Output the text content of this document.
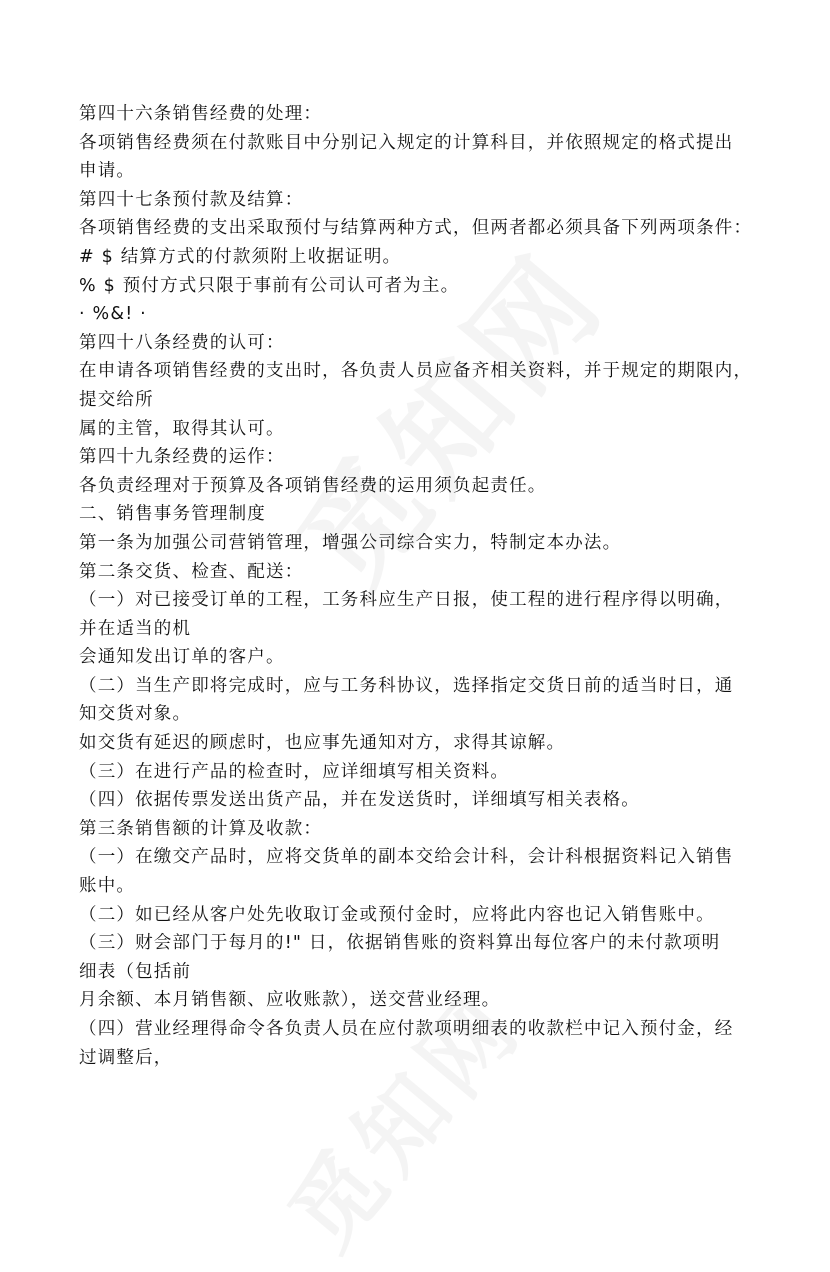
第四十六条销售经费的处理：
各项销售经费须在付款账目中分别记入规定的计算科目，并依照规定的格式提出
申请。
第四十七条预付款及结算：
各项销售经费的支出采取预付与结算两种方式，但两者都必须具备下列两项条件：
# $ 结算方式的付款须附上收据证明。
% $ 预付方式只限于事前有公司认可者为主。
· %&! ·
第四十八条经费的认可：
在申请各项销售经费的支出时，各负责人员应备齐相关资料，并于规定的期限内，
提交给所
属的主管，取得其认可。
第四十九条经费的运作：
各负责经理对于预算及各项销售经费的运用须负起责任。
二、销售事务管理制度
第一条为加强公司营销管理，增强公司综合实力，特制定本办法。
第二条交货、检查、配送：
（一）对已接受订单的工程，工务科应生产日报，使工程的进行程序得以明确，
并在适当的机
会通知发出订单的客户。
（二）当生产即将完成时，应与工务科协议，选择指定交货日前的适当时日，通
知交货对象。
如交货有延迟的顾虑时，也应事先通知对方，求得其谅解。
（三）在进行产品的检查时，应详细填写相关资料。
（四）依据传票发送出货产品，并在发送货时，详细填写相关表格。
第三条销售额的计算及收款：
（一）在缴交产品时，应将交货单的副本交给会计科，会计科根据资料记入销售
账中。
（二）如已经从客户处先收取订金或预付金时，应将此内容也记入销售账中。
（三）财会部门于每月的!" 日，依据销售账的资料算出每位客户的未付款项明
细表（包括前
月余额、本月销售额、应收账款），送交营业经理。
（四）营业经理得命令各负责人员在应付款项明细表的收款栏中记入预付金，经
过调整后，
